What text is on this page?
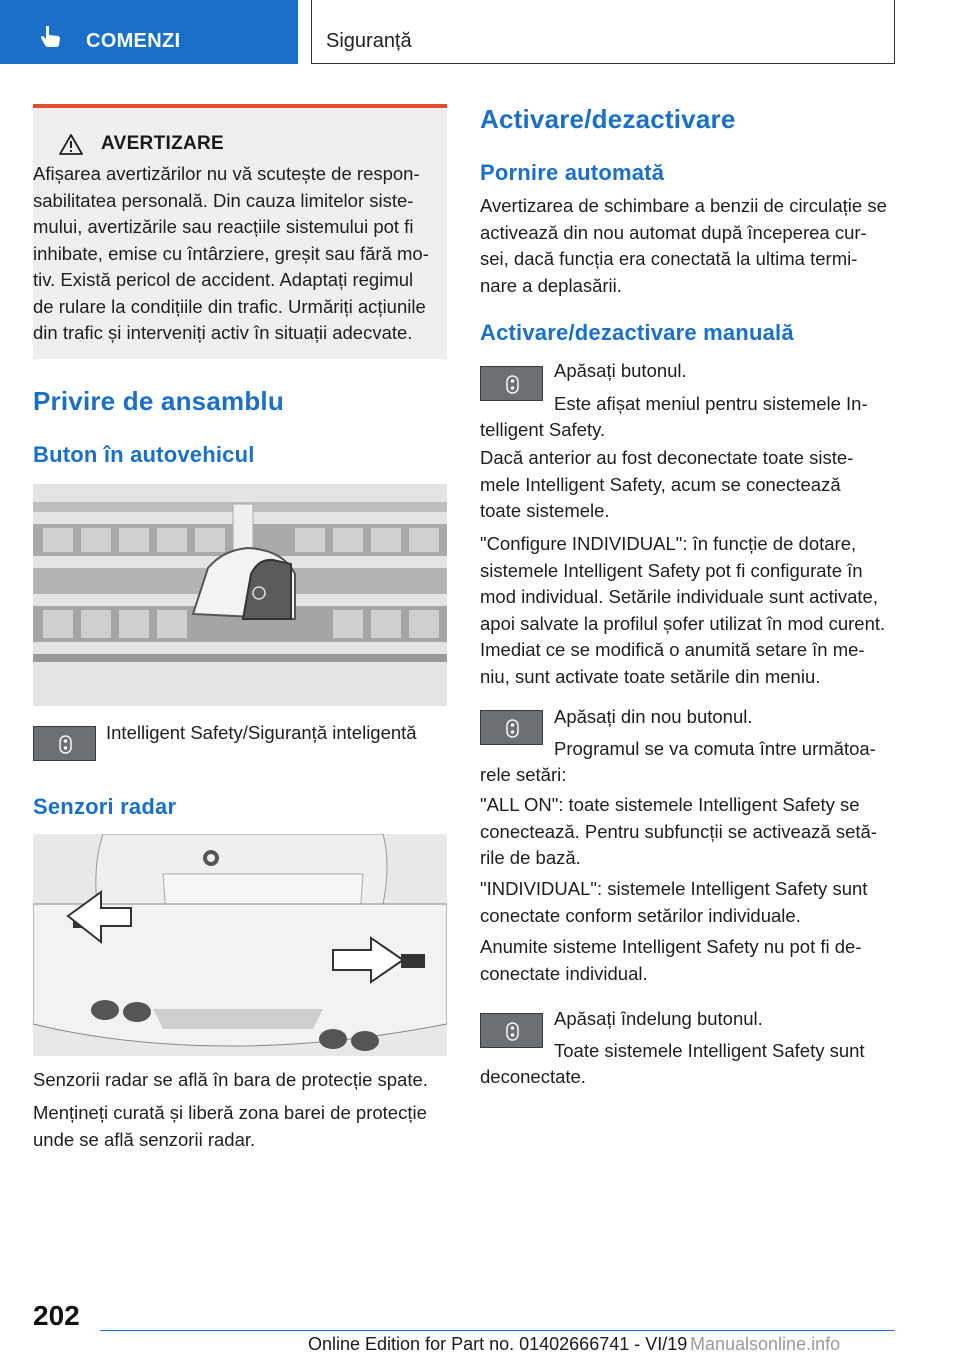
COMENZI	Siguranță
AVERTIZARE

Afișarea avertizărilor nu vă scutește de respon-

sabilitatea personală. Din cauza limitelor siste-

mului, avertizările sau reacțiile sistemului pot fi

inhibate, emise cu întârziere, greșit sau fără mo-

tiv. Există pericol de accident. Adaptați regimul

de rulare la condițiile din trafic. Urmăriți acțiunile

din trafic și interveniți activ în situații adecvate.

Privire de ansamblu
Buton în autovehicul

Intelligent Safety/Siguranță inteligentă

Senzori radar

Senzorii radar se află în bara de protecție spate.

Mențineți curată și liberă zona barei de protecție

unde se află senzorii radar.

Activare/dezactivare
Pornire automată

Avertizarea de schimbare a benzii de circulație se

activează din nou automat după începerea cur-

sei, dacă funcția era conectată la ultima termi-

nare a deplasării.

Activare/dezactivare manuală

Apăsați butonul.

Este afișat meniul pentru sistemele In-

telligent Safety.

Dacă anterior au fost deconectate toate siste-

mele Intelligent Safety, acum se conectează

toate sistemele.

"Configure INDIVIDUAL": în funcție de dotare,

sistemele Intelligent Safety pot fi configurate în

mod individual. Setările individuale sunt activate,

apoi salvate la profilul șofer utilizat în mod curent.

Imediat ce se modifică o anumită setare în me-

niu, sunt activate toate setările din meniu.

Apăsați din nou butonul.

Programul se va comuta între următoa-

rele setări:

"ALL ON": toate sistemele Intelligent Safety se

conectează. Pentru subfuncții se activează setă-

rile de bază.

"INDIVIDUAL": sistemele Intelligent Safety sunt

conectate conform setărilor individuale.

Anumite sisteme Intelligent Safety nu pot fi de-

conectate individual.

Apăsați îndelung butonul.

Toate sistemele Intelligent Safety sunt

deconectate.

202
Online Edition for Part no. 01402666741 - VI/19 Manualsonline.info
